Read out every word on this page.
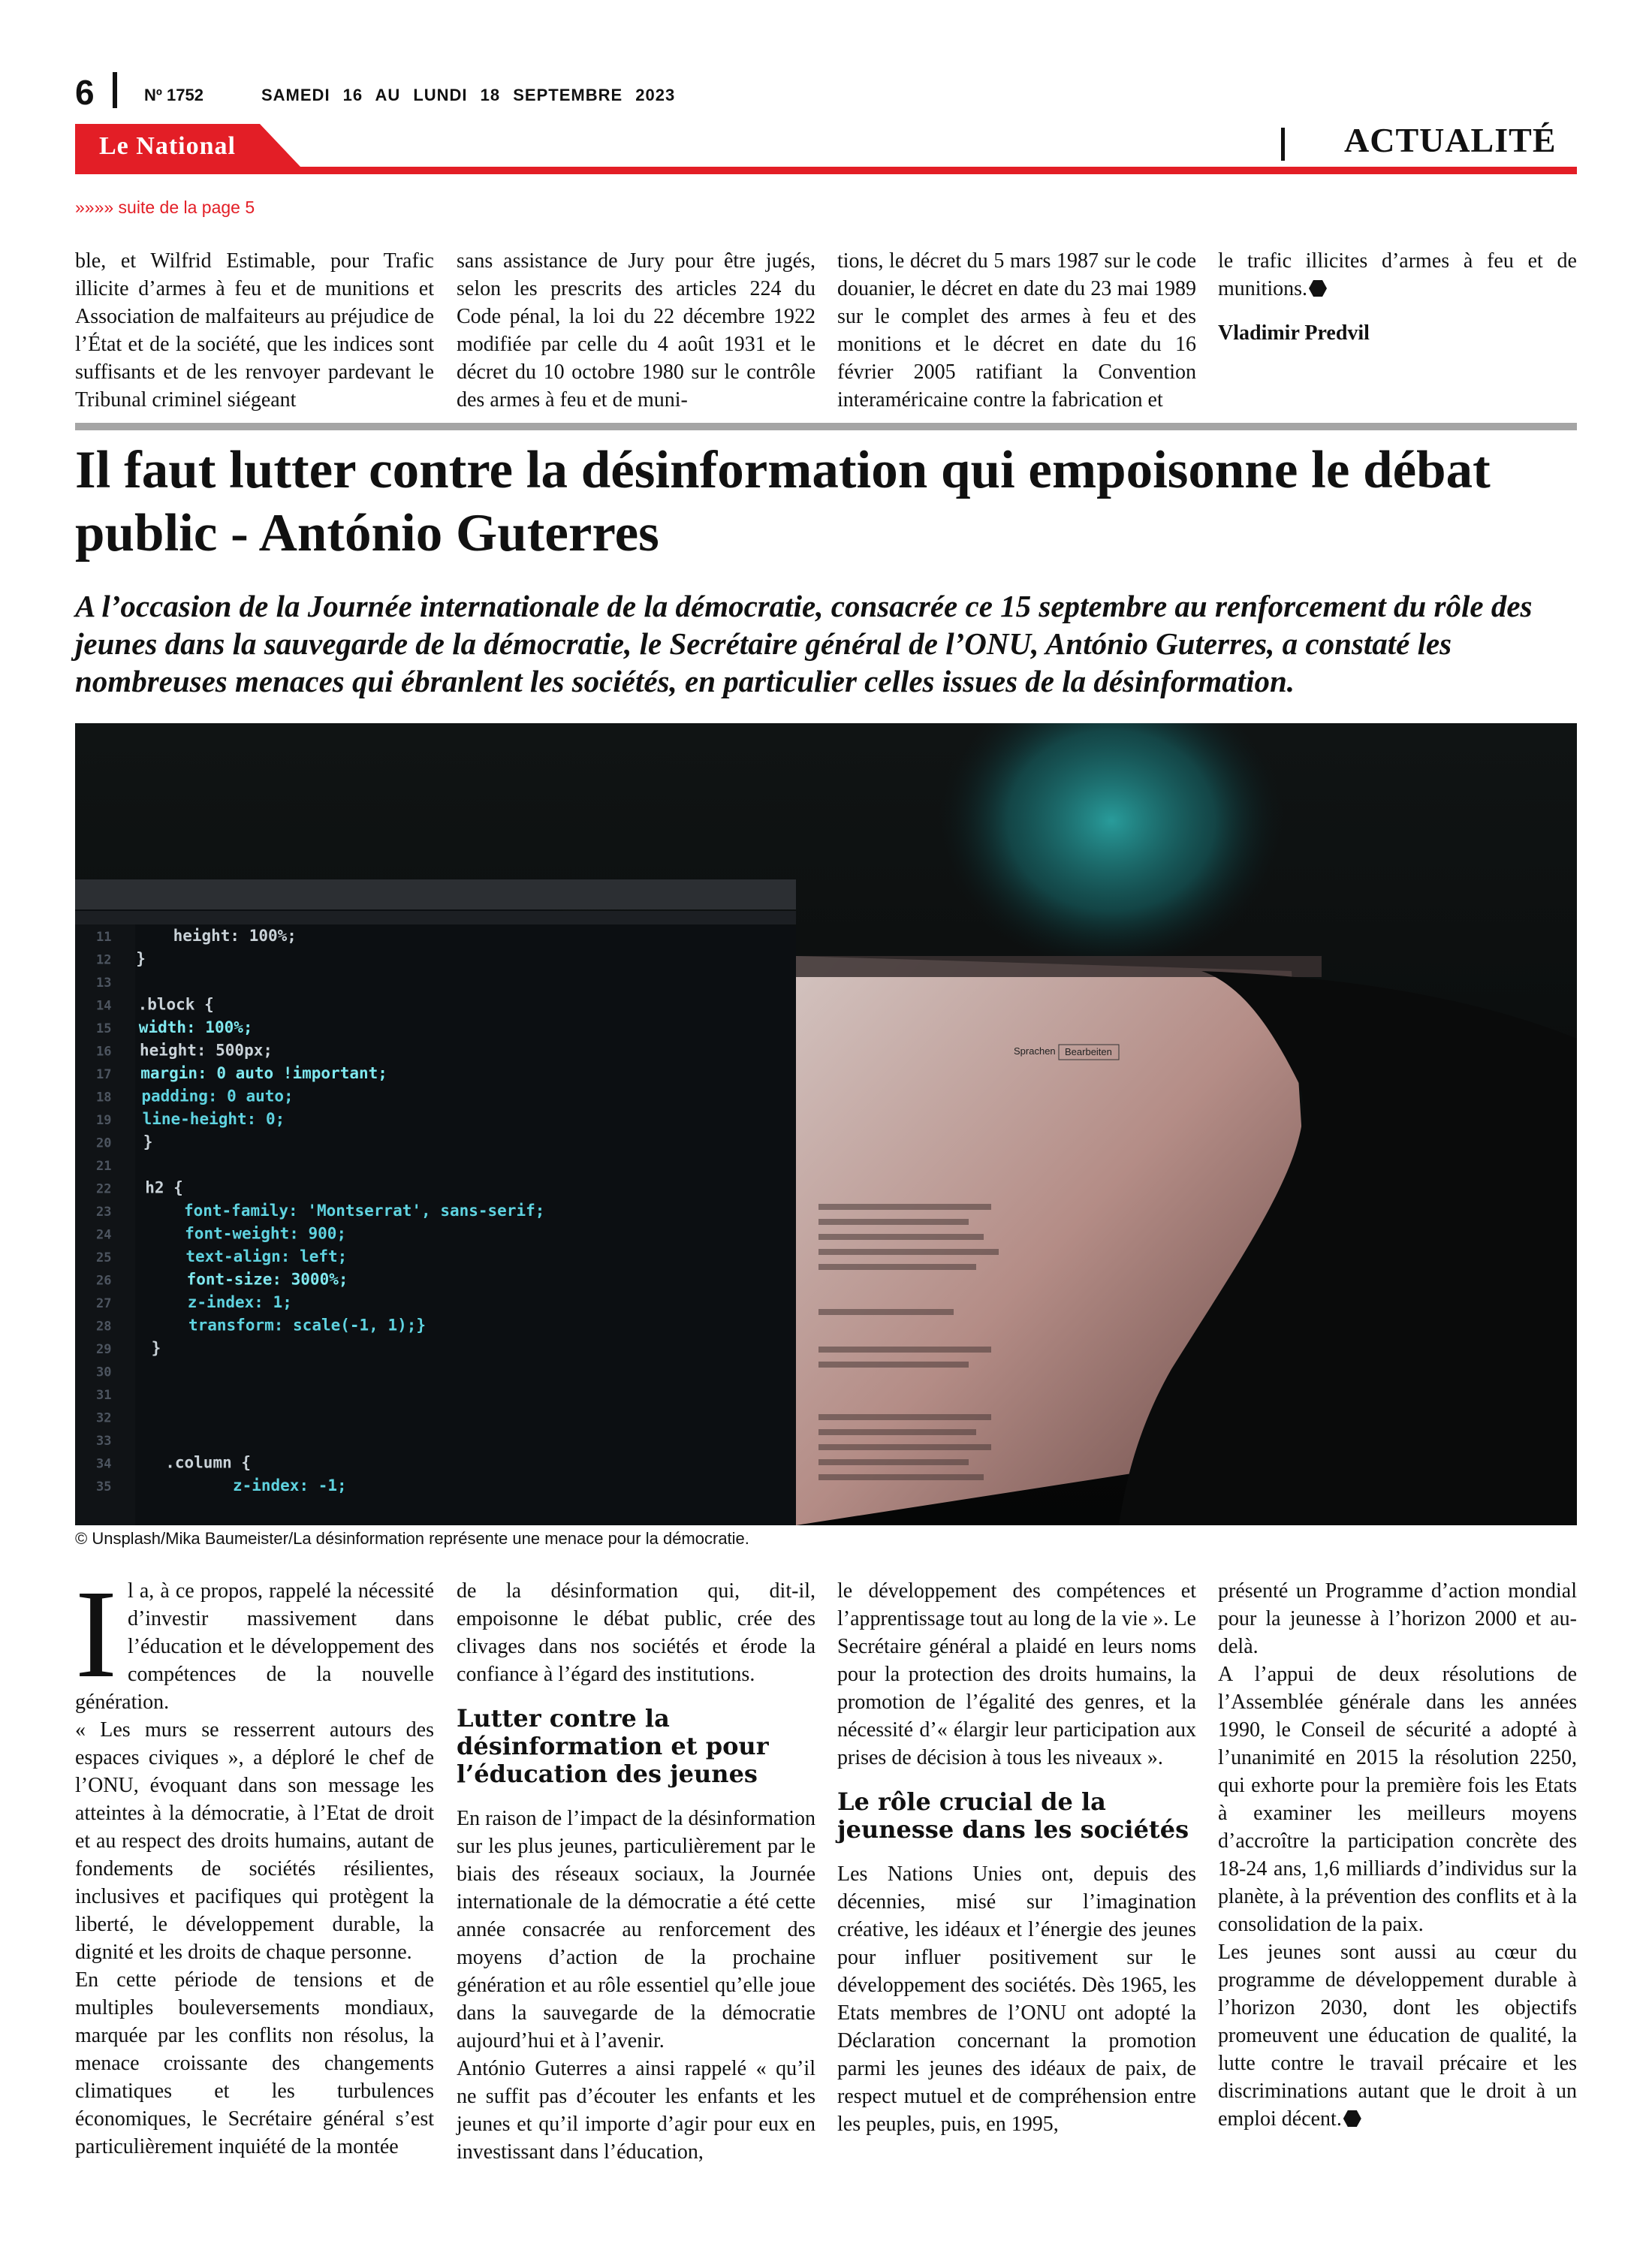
6	Nº 1752	SAMEDI 16 AU LUNDI 18 SEPTEMBRE 2023
Le National	ACTUALITÉ
»»»» suite de la page 5

ble, et Wilfrid Estimable, pour Trafic illicite d’armes à feu et de munitions et Association de malfaiteurs au préjudice de l’État et de la société, que les indices sont suffisants et de les renvoyer pardevant le Tribunal criminel siégeant

sans assistance de Jury pour être jugés, selon les prescrits des articles 224 du Code pénal, la loi du 22 décembre 1922 modifiée par celle du 4 août 1931 et le décret du 10 octobre 1980 sur le contrôle des armes à feu et de muni-

tions, le décret du 5 mars 1987 sur le code douanier, le décret en date du 23 mai 1989 sur le complet des armes à feu et des monitions et le décret en date du 16 février 2005 ratifiant la Convention interaméricaine contre la fabrication et

le trafic illicites d’armes à feu et de munitions.

Vladimir Predvil

Il faut lutter contre la désinformation qui empoisonne le débat public - António Guterres

A l’occasion de la Journée internationale de la démocratie, consacrée ce 15 septembre au renforcement du rôle des jeunes dans la sauvegarde de la démocratie, le Secrétaire général de l’ONU, António Guterres, a constaté les nombreuses menaces qui ébranlent les sociétés, en particulier celles issues de la désinformation.

Sprachen Bearbeiten
11 height: 100%;
12 }
13
14 .block {
15 width: 100%;
16 height: 500px;
17 margin: 0 auto !important;
18 padding: 0 auto;
19 line-height: 0;
20 }
21
22 h2 {
23 font-family: 'Montserrat', sans-serif;
24 font-weight: 900;
25 text-align: left;
26 font-size: 3000%;
27 z-index: 1;
28 transform: scale(-1, 1);}
29	}
30
31
32
33
34	.column {
35	z-index: -1;
© Unsplash/Mika Baumeister/La désinformation représente une menace pour la démocratie.

Il a, à ce propos, rappelé la nécessité d’investir massivement dans l’éducation et le développement des compétences de la nouvelle génération.

« Les murs se resserrent autours des espaces civiques », a déploré le chef de l’ONU, évoquant dans son message les atteintes à la démocratie, à l’Etat de droit et au respect des droits humains, autant de fondements de sociétés résilientes, inclusives et pacifiques qui protègent la liberté, le développement durable, la dignité et les droits de chaque personne.

En cette période de tensions et de multiples bouleversements mondiaux, marquée par les conflits non résolus, la menace croissante des changements climatiques et les turbulences économiques, le Secrétaire général s’est particulièrement inquiété de la montée

de la désinformation qui, dit-il, empoisonne le débat public, crée des clivages dans nos sociétés et érode la confiance à l’égard des institutions.

Lutter contre la désinformation et pour l’éducation des jeunes

En raison de l’impact de la désinformation sur les plus jeunes, particulièrement par le biais des réseaux sociaux, la Journée internationale de la démocratie a été cette année consacrée au renforcement des moyens d’action de la prochaine génération et au rôle essentiel qu’elle joue dans la sauvegarde de la démocratie aujourd’hui et à l’avenir.

António Guterres a ainsi rappelé « qu’il ne suffit pas d’écouter les enfants et les jeunes et qu’il importe d’agir pour eux en investissant dans l’éducation,

le développement des compétences et l’apprentissage tout au long de la vie ». Le Secrétaire général a plaidé en leurs noms pour la protection des droits humains, la promotion de l’égalité des genres, et la nécessité d’« élargir leur participation aux prises de décision à tous les niveaux ».

Le rôle crucial de la jeunesse dans les sociétés

Les Nations Unies ont, depuis des décennies, misé sur l’imagination créative, les idéaux et l’énergie des jeunes pour influer positivement sur le développement des sociétés. Dès 1965, les Etats membres de l’ONU ont adopté la Déclaration concernant la promotion parmi les jeunes des idéaux de paix, de respect mutuel et de compréhension entre les peuples, puis, en 1995,

présenté un Programme d’action mondial pour la jeunesse à l’horizon 2000 et au-delà.

A l’appui de deux résolutions de l’Assemblée générale dans les années 1990, le Conseil de sécurité a adopté à l’unanimité en 2015 la résolution 2250, qui exhorte pour la première fois les Etats à examiner les meilleurs moyens d’accroître la participation concrète des 18-24 ans, 1,6 milliards d’individus sur la planète, à la prévention des conflits et à la consolidation de la paix.

Les jeunes sont aussi au cœur du programme de développement durable à l’horizon 2030, dont les objectifs promeuvent une éducation de qualité, la lutte contre le travail précaire et les discriminations autant que le droit à un emploi décent.
